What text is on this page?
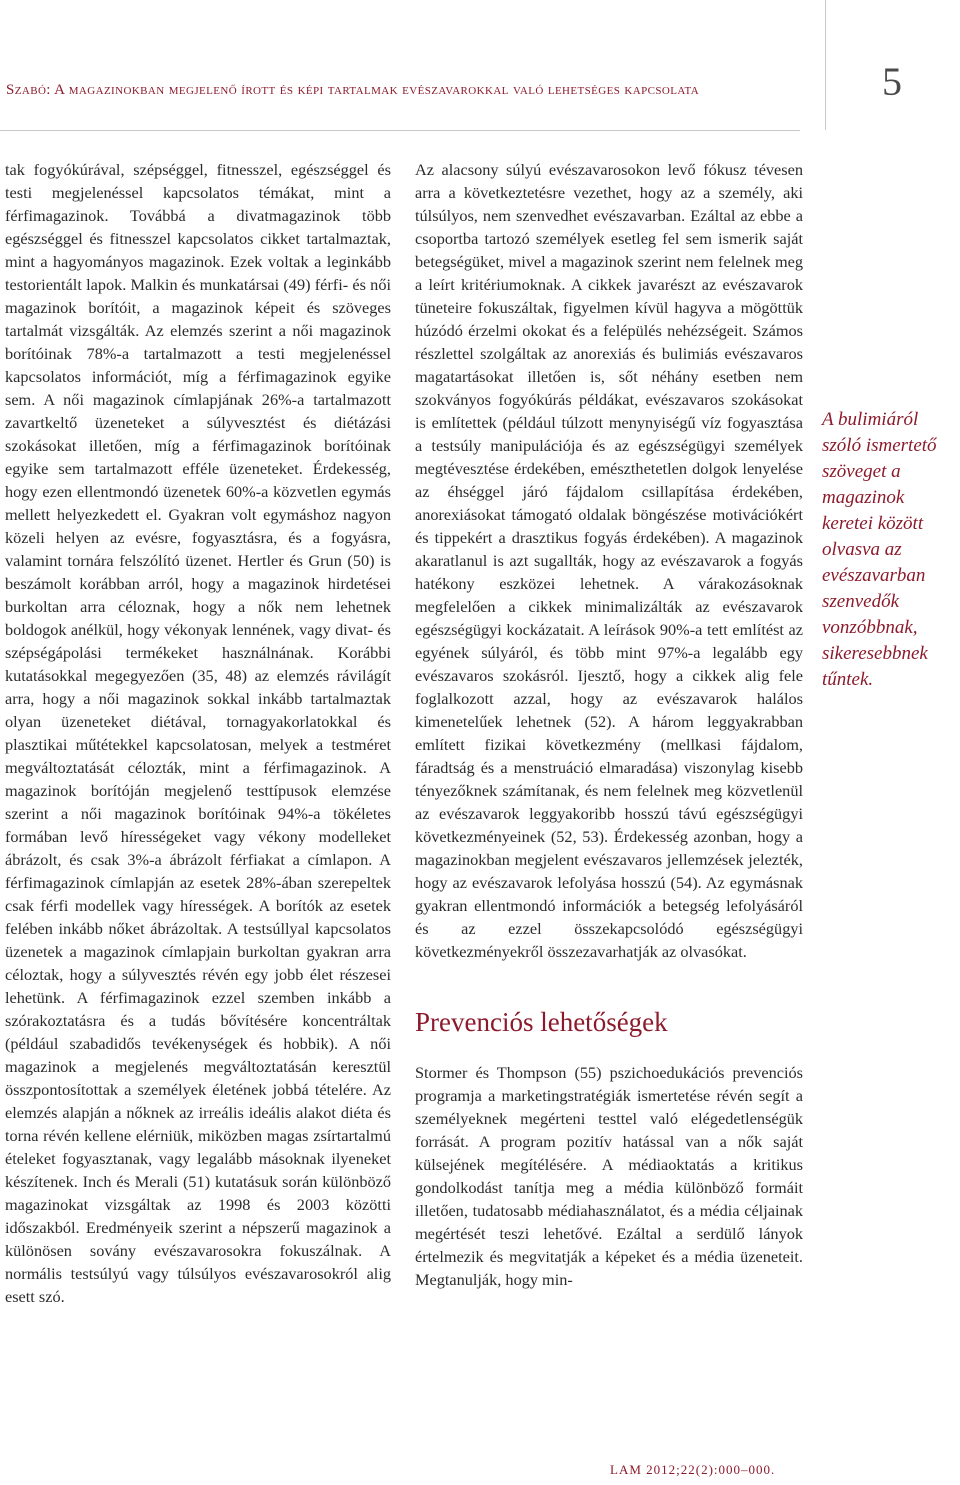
Szabó: A magazinokban megjelenő írott és képi tartalmak evészavarokkal való lehetséges kapcsolata	5

tak fogyókúrával, szépséggel, fitnesszel, egészséggel és testi megjelenéssel kapcsolatos témákat, mint a férfimagazinok. Továbbá a divatmagazinok több egészséggel és fitnesszel kapcsolatos cikket tartalmaztak, mint a hagyományos magazinok. Ezek voltak a leginkább testorientált lapok. Malkin és munkatársai (49) férfi- és női magazinok borítóit, a magazinok képeit és szöveges tartalmát vizsgálták. Az elemzés szerint a női magazinok borítóinak 78%-a tartalmazott a testi megjelenéssel kapcsolatos információt, míg a férfimagazinok egyike sem. A női magazinok címlapjának 26%-a tartalmazott zavartkeltő üzeneteket a súlyvesztést és diétázási szokásokat illetően, míg a férfimagazinok borítóinak egyike sem tartalmazott efféle üzeneteket. Érdekesség, hogy ezen ellentmondó üzenetek 60%-a közvetlen egymás mellett helyezkedett el. Gyakran volt egymáshoz nagyon közeli helyen az evésre, fogyasztásra, és a fogyásra, valamint tornára felszólító üzenet. Hertler és Grun (50) is beszámolt korábban arról, hogy a magazinok hirdetései burkoltan arra céloznak, hogy a nők nem lehetnek boldogok anélkül, hogy vékonyak lennének, vagy divat- és szépségápolási termékeket használnának. Korábbi kutatásokkal megegyezően (35, 48) az elemzés rávilágít arra, hogy a női magazinok sokkal inkább tartalmaztak olyan üzeneteket diétával, tornagyakorlatokkal és plasztikai műtétekkel kapcsolatosan, melyek a testméret megváltoztatását célozták, mint a férfimagazinok. A magazinok borítóján megjelenő testtípusok elemzése szerint a női magazinok borítóinak 94%-a tökéletes formában levő hírességeket vagy vékony modelleket ábrázolt, és csak 3%-a ábrázolt férfiakat a címlapon. A férfimagazinok címlapján az esetek 28%-ában szerepeltek csak férfi modellek vagy hírességek. A borítók az esetek felében inkább nőket ábrázoltak. A testsúllyal kapcsolatos üzenetek a magazinok címlapjain burkoltan gyakran arra céloztak, hogy a súlyvesztés révén egy jobb élet részesei lehetünk. A férfimagazinok ezzel szemben inkább a szórakoztatásra és a tudás bővítésére koncentráltak (például szabadidős tevékenységek és hobbik). A női magazinok a megjelenés megváltoztatásán keresztül összpontosítottak a személyek életének jobbá tételére. Az elemzés alapján a nőknek az irreális ideális alakot diéta és torna révén kellene elérniük, miközben magas zsírtartalmú ételeket fogyasztanak, vagy legalább másoknak ilyeneket készítenek. Inch és Merali (51) kutatásuk során különböző magazinokat vizsgáltak az 1998 és 2003 közötti időszakból. Eredményeik szerint a népszerű magazinok a különösen sovány evészavarosokra fokuszálnak. A normális testsúlyú vagy túlsúlyos evészavarosokról alig esett szó.

Az alacsony súlyú evészavarosokon levő fókusz tévesen arra a következtetésre vezethet, hogy az a személy, aki túlsúlyos, nem szenvedhet evészavarban. Ezáltal az ebbe a csoportba tartozó személyek esetleg fel sem ismerik saját betegségüket, mivel a magazinok szerint nem felelnek meg a leírt kritériumoknak. A cikkek javarészt az evészavarok tüneteire fokuszáltak, figyelmen kívül hagyva a mögöttük húzódó érzelmi okokat és a felépülés nehézségeit. Számos részlettel szolgáltak az anorexiás és bulimiás evészavaros magatartásokat illetően is, sőt néhány esetben nem szokványos fogyókúrás példákat, evészavaros szokásokat is említettek (például túlzott menynyiségű víz fogyasztása a testsúly manipulációja és az egészségügyi személyek megtévesztése érdekében, emészthetetlen dolgok lenyelése az éhséggel járó fájdalom csillapítása érdekében, anorexiásokat támogató oldalak böngészése motivációkért és tippekért a drasztikus fogyás érdekében). A magazinok akaratlanul is azt sugallták, hogy az evészavarok a fogyás hatékony eszközei lehetnek. A várakozásoknak megfelelően a cikkek minimalizálták az evészavarok egészségügyi kockázatait. A leírások 90%-a tett említést az egyének súlyáról, és több mint 97%-a legalább egy evészavaros szokásról. Ijesztő, hogy a cikkek alig fele foglalkozott azzal, hogy az evészavarok halálos kimenetelűek lehetnek (52). A három leggyakrabban említett fizikai következmény (mellkasi fájdalom, fáradtság és a menstruáció elmaradása) viszonylag kisebb tényezőknek számítanak, és nem felelnek meg közvetlenül az evészavarok leggyakoribb hosszú távú egészségügyi következményeinek (52, 53). Érdekesség azonban, hogy a magazinokban megjelent evészavaros jellemzések jelezték, hogy az evészavarok lefolyása hosszú (54). Az egymásnak gyakran ellentmondó információk a betegség lefolyásáról és az ezzel összekapcsolódó egészségügyi következményekről összezavarhatják az olvasókat.

Prevenciós lehetőségek

Stormer és Thompson (55) pszichoedukációs prevenciós programja a marketingstratégiák ismertetése révén segít a személyeknek megérteni testtel való elégedetlenségük forrását. A program pozitív hatással van a nők saját külsejének megítélésére. A médiaoktatás a kritikus gondolkodást tanítja meg a média különböző formáit illetően, tudatosabb médiahasználatot, és a média céljainak megértését teszi lehetővé. Ezáltal a serdülő lányok értelmezik és megvitatják a képeket és a média üzeneteit. Megtanulják, hogy min-

A bulimiáról szóló ismertető szöveget a magazinok keretei között olvasva az evészavarban szenvedők vonzóbbnak, sikeresebbnek tűntek.
LAM 2012;22(2):000–000.
